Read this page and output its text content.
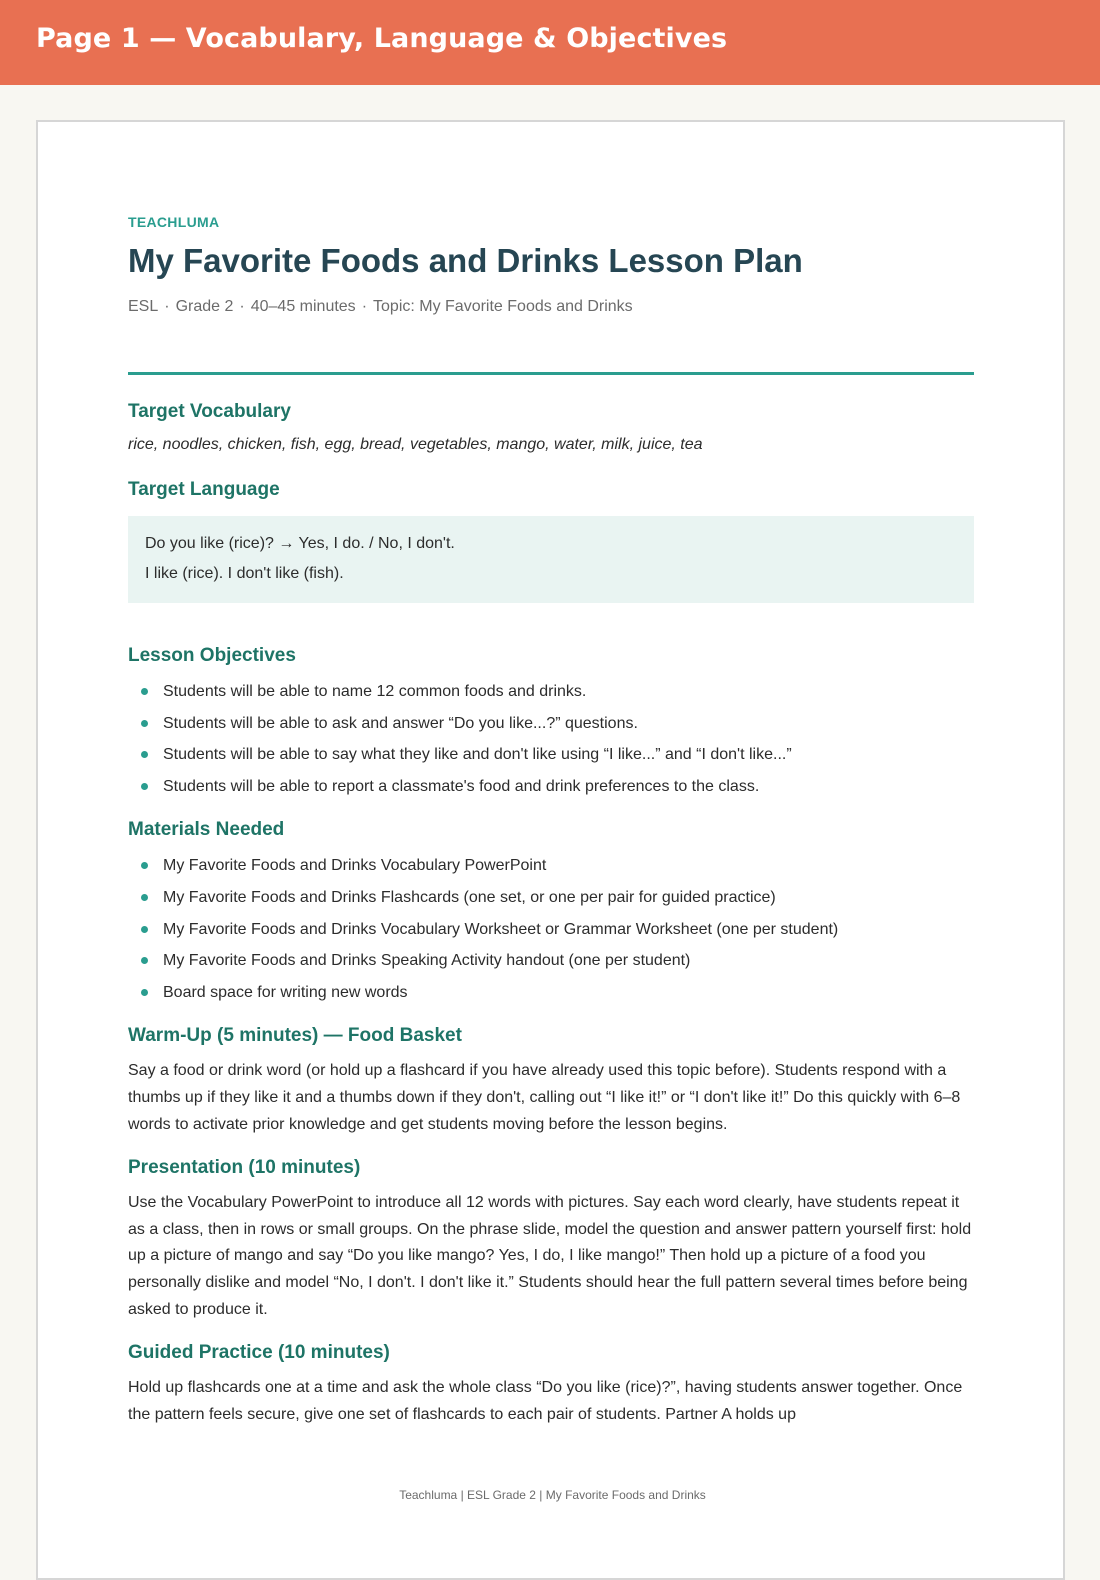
Page 1 — Vocabulary, Language & Objectives

TEACHLUMA

My Favorite Foods and Drinks Lesson Plan
ESL · Grade 2 · 40–45 minutes · Topic: My Favorite Foods and Drinks
Target Vocabulary

rice, noodles, chicken, fish, egg, bread, vegetables, mango, water, milk, juice, tea

Target Language
Do you like (rice)? → Yes, I do. / No, I don't.
I like (rice). I don't like (fish).
Lesson Objectives
Students will be able to name 12 common foods and drinks.
Students will be able to ask and answer “Do you like...?” questions.
Students will be able to say what they like and don't like using “I like...” and “I don't like...”
Students will be able to report a classmate's food and drink preferences to the class.
Materials Needed
My Favorite Foods and Drinks Vocabulary PowerPoint
My Favorite Foods and Drinks Flashcards (one set, or one per pair for guided practice)
My Favorite Foods and Drinks Vocabulary Worksheet or Grammar Worksheet (one per student)
My Favorite Foods and Drinks Speaking Activity handout (one per student)
Board space for writing new words
Warm-Up (5 minutes) — Food Basket

Say a food or drink word (or hold up a flashcard if you have already used this topic before). Students respond with a thumbs up if they like it and a thumbs down if they don't, calling out “I like it!” or “I don't like it!” Do this quickly with 6–8 words to activate prior knowledge and get students moving before the lesson begins.

Presentation (10 minutes)

Use the Vocabulary PowerPoint to introduce all 12 words with pictures. Say each word clearly, have students repeat it as a class, then in rows or small groups. On the phrase slide, model the question and answer pattern yourself first: hold up a picture of mango and say “Do you like mango? Yes, I do, I like mango!” Then hold up a picture of a food you personally dislike and model “No, I don't. I don't like it.” Students should hear the full pattern several times before being asked to produce it.

Guided Practice (10 minutes)

Hold up flashcards one at a time and ask the whole class “Do you like (rice)?”, having students answer together. Once the pattern feels secure, give one set of flashcards to each pair of students. Partner A holds up

Teachluma | ESL Grade 2 | My Favorite Foods and Drinks
